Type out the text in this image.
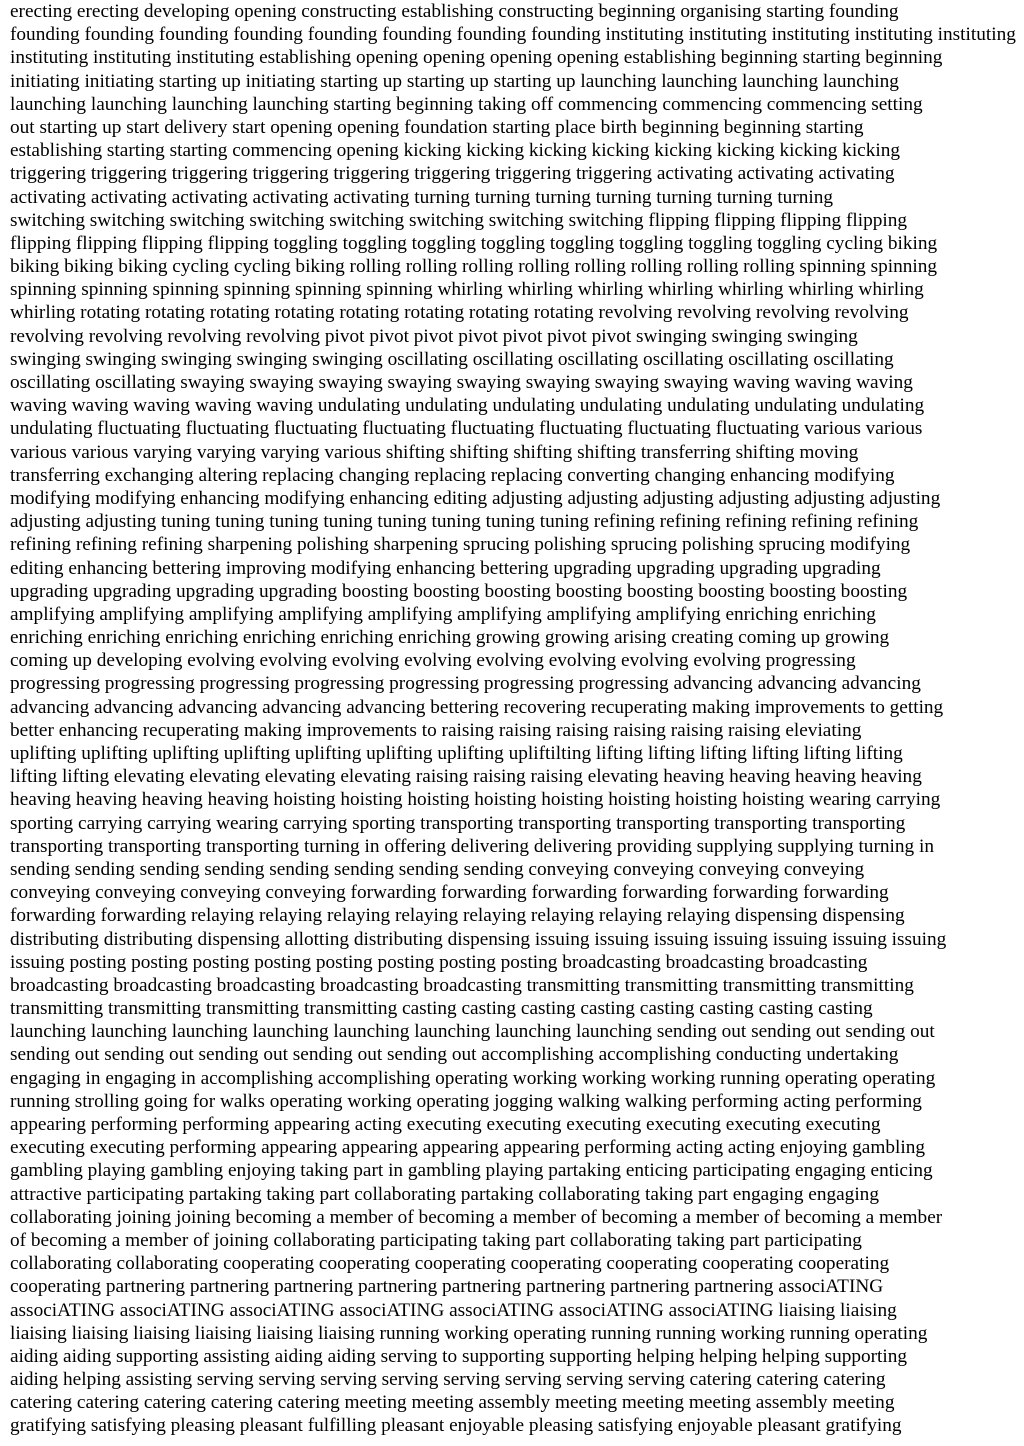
erecting erecting developing opening constructing establishing constructing beginning organising starting founding
founding founding founding founding founding founding founding founding instituting instituting instituting instituting instituting
instituting instituting instituting establishing opening opening opening opening establishing beginning starting beginning
initiating initiating starting up initiating starting up starting up starting up launching launching launching launching
launching launching launching launching starting beginning taking off commencing commencing commencing setting
out starting up start delivery start opening opening foundation starting place birth beginning beginning starting
establishing starting starting commencing opening kicking kicking kicking kicking kicking kicking kicking kicking
triggering triggering triggering triggering triggering triggering triggering triggering activating activating activating
activating activating activating activating activating turning turning turning turning turning turning turning
switching switching switching switching switching switching switching switching flipping flipping flipping flipping
flipping flipping flipping flipping toggling toggling toggling toggling toggling toggling toggling toggling cycling biking
biking biking biking cycling cycling biking rolling rolling rolling rolling rolling rolling rolling rolling spinning spinning
spinning spinning spinning spinning spinning spinning whirling whirling whirling whirling whirling whirling whirling
whirling rotating rotating rotating rotating rotating rotating rotating rotating revolving revolving revolving revolving
revolving revolving revolving revolving pivot pivot pivot pivot pivot pivot pivot swinging swinging swinging
swinging swinging swinging swinging swinging oscillating oscillating oscillating oscillating oscillating oscillating
oscillating oscillating swaying swaying swaying swaying swaying swaying swaying swaying waving waving waving
waving waving waving waving waving undulating undulating undulating undulating undulating undulating undulating
undulating fluctuating fluctuating fluctuating fluctuating fluctuating fluctuating fluctuating fluctuating various various
various various varying varying varying various shifting shifting shifting shifting transferring shifting moving
transferring exchanging altering replacing changing replacing replacing converting changing enhancing modifying
modifying modifying enhancing modifying enhancing editing adjusting adjusting adjusting adjusting adjusting adjusting
adjusting adjusting tuning tuning tuning tuning tuning tuning tuning tuning refining refining refining refining refining
refining refining refining sharpening polishing sharpening sprucing polishing sprucing polishing sprucing modifying
editing enhancing bettering improving modifying enhancing bettering upgrading upgrading upgrading upgrading
upgrading upgrading upgrading upgrading boosting boosting boosting boosting boosting boosting boosting boosting
amplifying amplifying amplifying amplifying amplifying amplifying amplifying amplifying enriching enriching
enriching enriching enriching enriching enriching enriching growing growing arising creating coming up growing
coming up developing evolving evolving evolving evolving evolving evolving evolving evolving progressing
progressing progressing progressing progressing progressing progressing progressing advancing advancing advancing
advancing advancing advancing advancing advancing bettering recovering recuperating making improvements to getting
better enhancing recuperating making improvements to raising raising raising raising raising raising eleviating
uplifting uplifting uplifting uplifting uplifting uplifting uplifting upliftilting lifting lifting lifting lifting lifting lifting
lifting lifting elevating elevating elevating elevating raising raising raising elevating heaving heaving heaving heaving
heaving heaving heaving heaving hoisting hoisting hoisting hoisting hoisting hoisting hoisting hoisting wearing carrying
sporting carrying carrying wearing carrying sporting transporting transporting transporting transporting transporting
transporting transporting transporting turning in offering delivering delivering providing supplying supplying turning in
sending sending sending sending sending sending sending sending conveying conveying conveying conveying
conveying conveying conveying conveying forwarding forwarding forwarding forwarding forwarding forwarding
forwarding forwarding relaying relaying relaying relaying relaying relaying relaying relaying dispensing dispensing
distributing distributing dispensing allotting distributing dispensing issuing issuing issuing issuing issuing issuing issuing
issuing posting posting posting posting posting posting posting posting broadcasting broadcasting broadcasting
broadcasting broadcasting broadcasting broadcasting broadcasting transmitting transmitting transmitting transmitting
transmitting transmitting transmitting transmitting casting casting casting casting casting casting casting casting
launching launching launching launching launching launching launching launching sending out sending out sending out
sending out sending out sending out sending out sending out accomplishing accomplishing conducting undertaking
engaging in engaging in accomplishing accomplishing operating working working working running operating operating
running strolling going for walks operating working operating jogging walking walking performing acting performing
appearing performing performing appearing acting executing executing executing executing executing executing
executing executing performing appearing appearing appearing appearing performing acting acting enjoying gambling
gambling playing gambling enjoying taking part in gambling playing partaking enticing participating engaging enticing
attractive participating partaking taking part collaborating partaking collaborating taking part engaging engaging
collaborating joining joining becoming a member of becoming a member of becoming a member of becoming a member
of becoming a member of joining collaborating participating taking part collaborating taking part participating
collaborating collaborating cooperating cooperating cooperating cooperating cooperating cooperating cooperating
cooperating partnering partnering partnering partnering partnering partnering partnering partnering associATING
associATING associATING associATING associATING associATING associATING associATING liaising liaising
liaising liaising liaising liaising liaising liaising running working operating running running working running operating
aiding aiding supporting assisting aiding aiding serving to supporting supporting helping helping helping supporting
aiding helping assisting serving serving serving serving serving serving serving serving catering catering catering
catering catering catering catering catering meeting meeting assembly meeting meeting meeting assembly meeting
gratifying satisfying pleasing pleasant fulfilling pleasant enjoyable pleasing satisfying enjoyable pleasant gratifying
